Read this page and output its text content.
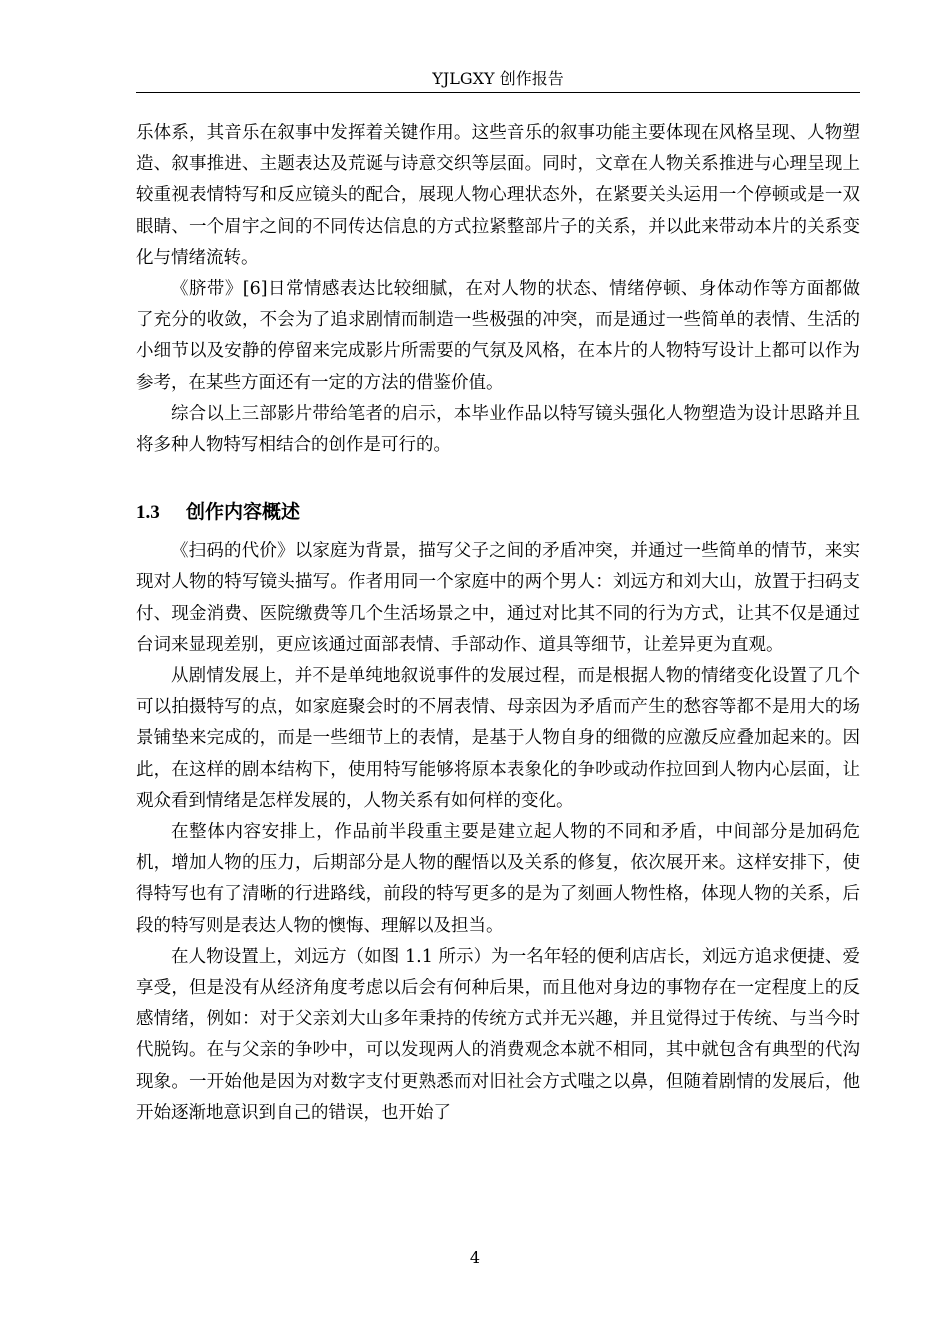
YJLGXY 创作报告

乐体系，其音乐在叙事中发挥着关键作用。这些音乐的叙事功能主要体现在风格呈现、人物塑造、叙事推进、主题表达及荒诞与诗意交织等层面。同时，文章在人物关系推进与心理呈现上较重视表情特写和反应镜头的配合，展现人物心理状态外，在紧要关头运用一个停顿或是一双眼睛、一个眉宇之间的不同传达信息的方式拉紧整部片子的关系，并以此来带动本片的关系变化与情绪流转。

《脐带》[6]日常情感表达比较细腻，在对人物的状态、情绪停顿、身体动作等方面都做了充分的收敛，不会为了追求剧情而制造一些极强的冲突，而是通过一些简单的表情、生活的小细节以及安静的停留来完成影片所需要的气氛及风格，在本片的人物特写设计上都可以作为参考，在某些方面还有一定的方法的借鉴价值。

综合以上三部影片带给笔者的启示，本毕业作品以特写镜头强化人物塑造为设计思路并且将多种人物特写相结合的创作是可行的。

1.3 创作内容概述

《扫码的代价》以家庭为背景，描写父子之间的矛盾冲突，并通过一些简单的情节，来实现对人物的特写镜头描写。作者用同一个家庭中的两个男人：刘远方和刘大山，放置于扫码支付、现金消费、医院缴费等几个生活场景之中，通过对比其不同的行为方式，让其不仅是通过台词来显现差别，更应该通过面部表情、手部动作、道具等细节，让差异更为直观。

从剧情发展上，并不是单纯地叙说事件的发展过程，而是根据人物的情绪变化设置了几个可以拍摄特写的点，如家庭聚会时的不屑表情、母亲因为矛盾而产生的愁容等都不是用大的场景铺垫来完成的，而是一些细节上的表情，是基于人物自身的细微的应激反应叠加起来的。因此，在这样的剧本结构下，使用特写能够将原本表象化的争吵或动作拉回到人物内心层面，让观众看到情绪是怎样发展的，人物关系有如何样的变化。

在整体内容安排上，作品前半段重主要是建立起人物的不同和矛盾，中间部分是加码危机，增加人物的压力，后期部分是人物的醒悟以及关系的修复，依次展开来。这样安排下，使得特写也有了清晰的行进路线，前段的特写更多的是为了刻画人物性格，体现人物的关系，后段的特写则是表达人物的懊悔、理解以及担当。

在人物设置上，刘远方（如图 1.1 所示）为一名年轻的便利店店长，刘远方追求便捷、爱享受，但是没有从经济角度考虑以后会有何种后果，而且他对身边的事物存在一定程度上的反感情绪，例如：对于父亲刘大山多年秉持的传统方式并无兴趣，并且觉得过于传统、与当今时代脱钩。在与父亲的争吵中，可以发现两人的消费观念本就不相同，其中就包含有典型的代沟现象。一开始他是因为对数字支付更熟悉而对旧社会方式嗤之以鼻，但随着剧情的发展后，他开始逐渐地意识到自己的错误，也开始了

4
